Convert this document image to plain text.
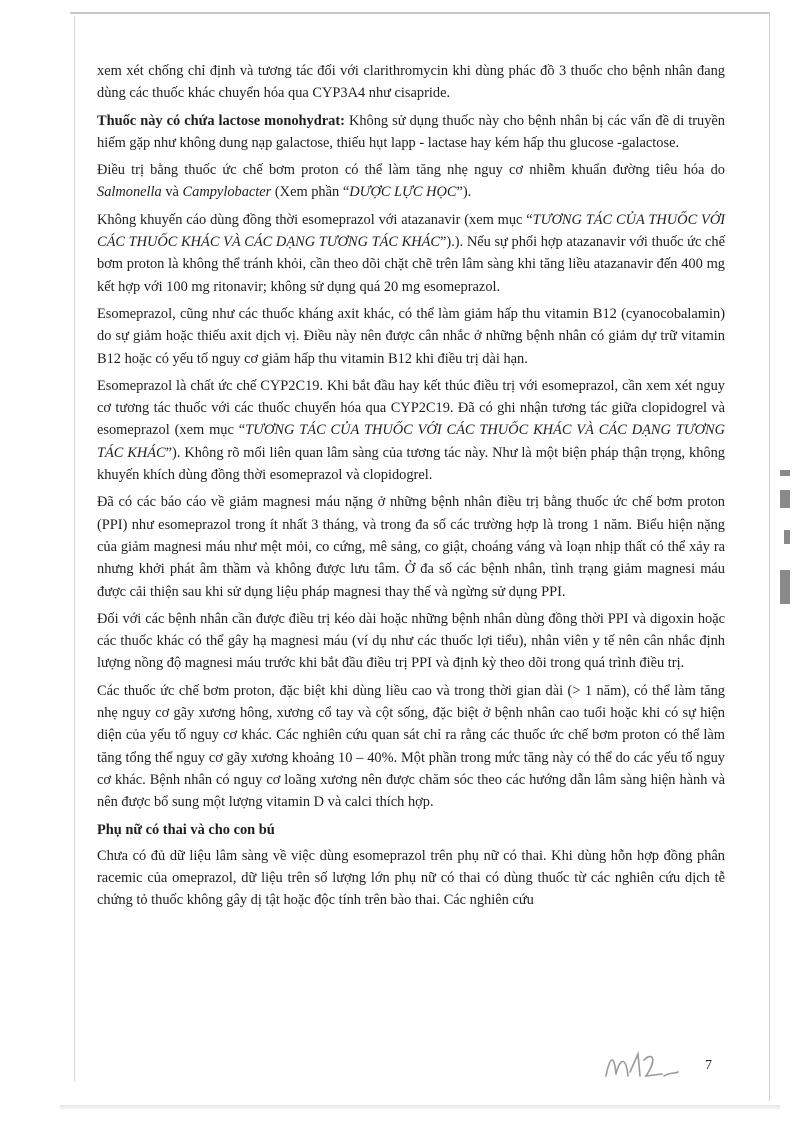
xem xét chống chỉ định và tương tác đối với clarithromycin khi dùng phác đồ 3 thuốc cho bệnh nhân đang dùng các thuốc khác chuyển hóa qua CYP3A4 như cisapride.

Thuốc này có chứa lactose monohydrat: Không sử dụng thuốc này cho bệnh nhân bị các vấn đề di truyền hiếm gặp như không dung nạp galactose, thiếu hụt lapp - lactase hay kém hấp thu glucose -galactose.

Điều trị bằng thuốc ức chế bơm proton có thể làm tăng nhẹ nguy cơ nhiễm khuẩn đường tiêu hóa do Salmonella và Campylobacter (Xem phần “DƯỢC LỰC HỌC”).

Không khuyến cáo dùng đồng thời esomeprazol với atazanavir (xem mục “TƯƠNG TÁC CỦA THUỐC VỚI CÁC THUỐC KHÁC VÀ CÁC DẠNG TƯƠNG TÁC KHÁC”).). Nếu sự phối hợp atazanavir với thuốc ức chế bơm proton là không thể tránh khỏi, cần theo dõi chặt chẽ trên lâm sàng khi tăng liều atazanavir đến 400 mg kết hợp với 100 mg ritonavir; không sử dụng quá 20 mg esomeprazol.

Esomeprazol, cũng như các thuốc kháng axit khác, có thể làm giảm hấp thu vitamin B12 (cyanocobalamin) do sự giảm hoặc thiếu axit dịch vị. Điều này nên được cân nhắc ở những bệnh nhân có giảm dự trữ vitamin B12 hoặc có yếu tố nguy cơ giảm hấp thu vitamin B12 khi điều trị dài hạn.

Esomeprazol là chất ức chế CYP2C19. Khi bắt đầu hay kết thúc điều trị với esomeprazol, cần xem xét nguy cơ tương tác thuốc với các thuốc chuyển hóa qua CYP2C19. Đã có ghi nhận tương tác giữa clopidogrel và esomeprazol (xem mục “TƯƠNG TÁC CỦA THUỐC VỚI CÁC THUỐC KHÁC VÀ CÁC DẠNG TƯƠNG TÁC KHÁC”). Không rõ mối liên quan lâm sàng của tương tác này. Như là một biện pháp thận trọng, không khuyến khích dùng đồng thời esomeprazol và clopidogrel.

Đã có các báo cáo về giảm magnesi máu nặng ở những bệnh nhân điều trị bằng thuốc ức chế bơm proton (PPI) như esomeprazol trong ít nhất 3 tháng, và trong đa số các trường hợp là trong 1 năm. Biểu hiện nặng của giảm magnesi máu như mệt mỏi, co cứng, mê sảng, co giật, choáng váng và loạn nhịp thất có thể xảy ra nhưng khởi phát âm thầm và không được lưu tâm. Ở đa số các bệnh nhân, tình trạng giảm magnesi máu được cải thiện sau khi sử dụng liệu pháp magnesi thay thế và ngừng sử dụng PPI.

Đối với các bệnh nhân cần được điều trị kéo dài hoặc những bệnh nhân dùng đồng thời PPI và digoxin hoặc các thuốc khác có thể gây hạ magnesi máu (ví dụ như các thuốc lợi tiểu), nhân viên y tế nên cân nhắc định lượng nồng độ magnesi máu trước khi bắt đầu điều trị PPI và định kỳ theo dõi trong quá trình điều trị.

Các thuốc ức chế bơm proton, đặc biệt khi dùng liều cao và trong thời gian dài (> 1 năm), có thể làm tăng nhẹ nguy cơ gãy xương hông, xương cổ tay và cột sống, đặc biệt ở bệnh nhân cao tuổi hoặc khi có sự hiện diện của yếu tố nguy cơ khác. Các nghiên cứu quan sát chỉ ra rằng các thuốc ức chế bơm proton có thể làm tăng tổng thể nguy cơ gãy xương khoảng 10 – 40%. Một phần trong mức tăng này có thể do các yếu tố nguy cơ khác. Bệnh nhân có nguy cơ loãng xương nên được chăm sóc theo các hướng dẫn lâm sàng hiện hành và nên được bổ sung một lượng vitamin D và calci thích hợp.

Phụ nữ có thai và cho con bú

Chưa có đủ dữ liệu lâm sàng về việc dùng esomeprazol trên phụ nữ có thai. Khi dùng hỗn hợp đồng phân racemic của omeprazol, dữ liệu trên số lượng lớn phụ nữ có thai có dùng thuốc từ các nghiên cứu dịch tễ chứng tỏ thuốc không gây dị tật hoặc độc tính trên bào thai. Các nghiên cứu

7
